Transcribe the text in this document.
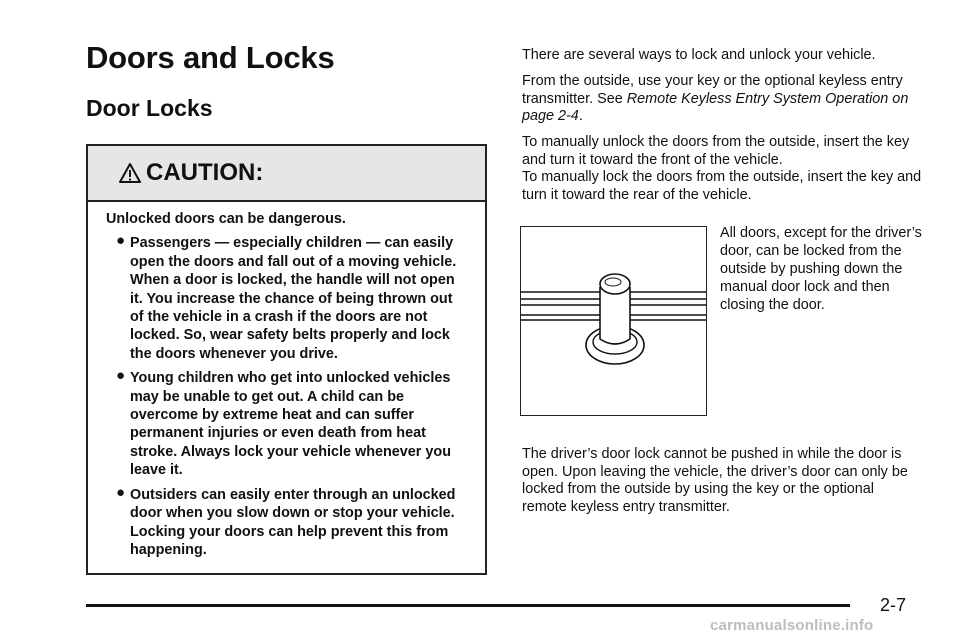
Doors and Locks
Door Locks
CAUTION:

Unlocked doors can be dangerous.

● Passengers — especially children — can easily open the doors and fall out of a moving vehicle. When a door is locked, the handle will not open it. You increase the chance of being thrown out of the vehicle in a crash if the doors are not locked. So, wear safety belts properly and lock the doors whenever you drive.
● Young children who get into unlocked vehicles may be unable to get out. A child can be overcome by extreme heat and can suffer permanent injuries or even death from heat stroke. Always lock your vehicle whenever you leave it.
● Outsiders can easily enter through an unlocked door when you slow down or stop your vehicle. Locking your doors can help prevent this from happening.

There are several ways to lock and unlock your vehicle.

From the outside, use your key or the optional keyless entry transmitter. See Remote Keyless Entry System Operation on page 2-4.

To manually unlock the doors from the outside, insert the key and turn it toward the front of the vehicle.

To manually lock the doors from the outside, insert the key and turn it toward the rear of the vehicle.

All doors, except for the driver’s door, can be locked from the outside by pushing down the manual door lock and then closing the door.

The driver’s door lock cannot be pushed in while the door is open. Upon leaving the vehicle, the driver’s door can only be locked from the outside by using the key or the optional remote keyless entry transmitter.

2-7
carmanualsonline.info
